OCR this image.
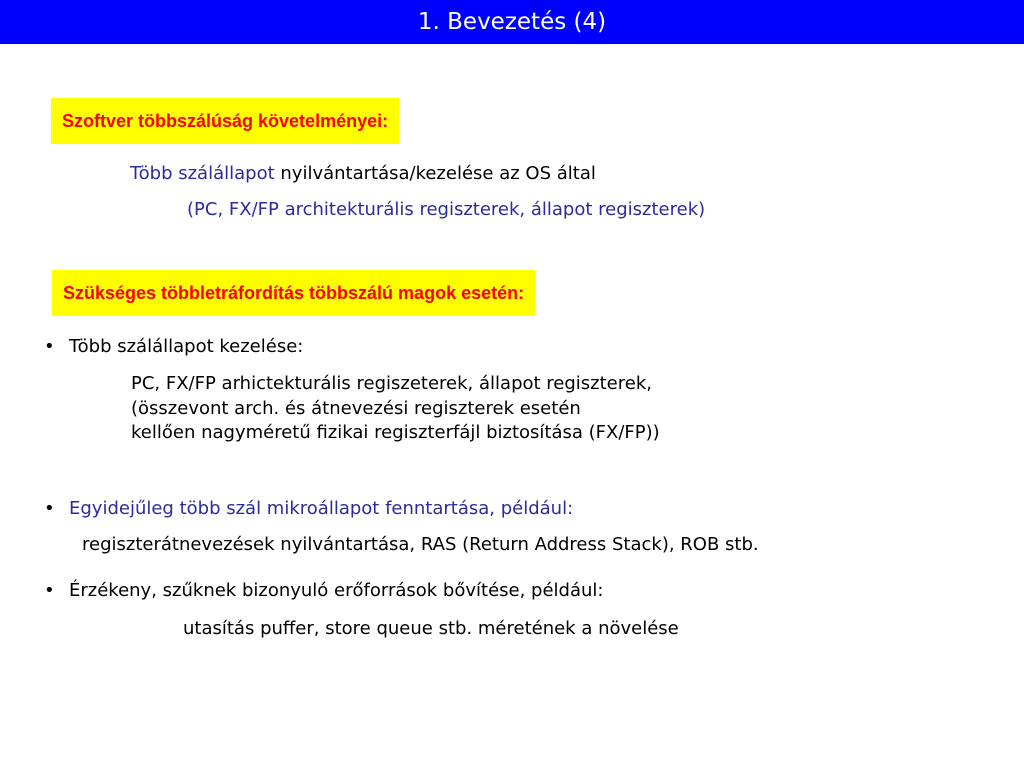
1. Bevezetés (4)
Szoftver többszálúság követelményei:
Több szálállapot nyilvántartása/kezelése az OS által
(PC, FX/FP architekturális regiszterek, állapot regiszterek)
Szükséges többletráfordítás többszálú magok esetén:
• Több szálállapot kezelése:
PC, FX/FP arhictekturális regiszeterek, állapot regiszterek,
(összevont arch. és átnevezési regiszterek esetén
kellően nagyméretű fizikai regiszterfájl biztosítása (FX/FP))
• Egyidejűleg több szál mikroállapot fenntartása, például:
regiszterátnevezések nyilvántartása, RAS (Return Address Stack), ROB stb.
• Érzékeny, szűknek bizonyuló erőforrások bővítése, például:
utasítás puffer, store queue stb. méretének a növelése
